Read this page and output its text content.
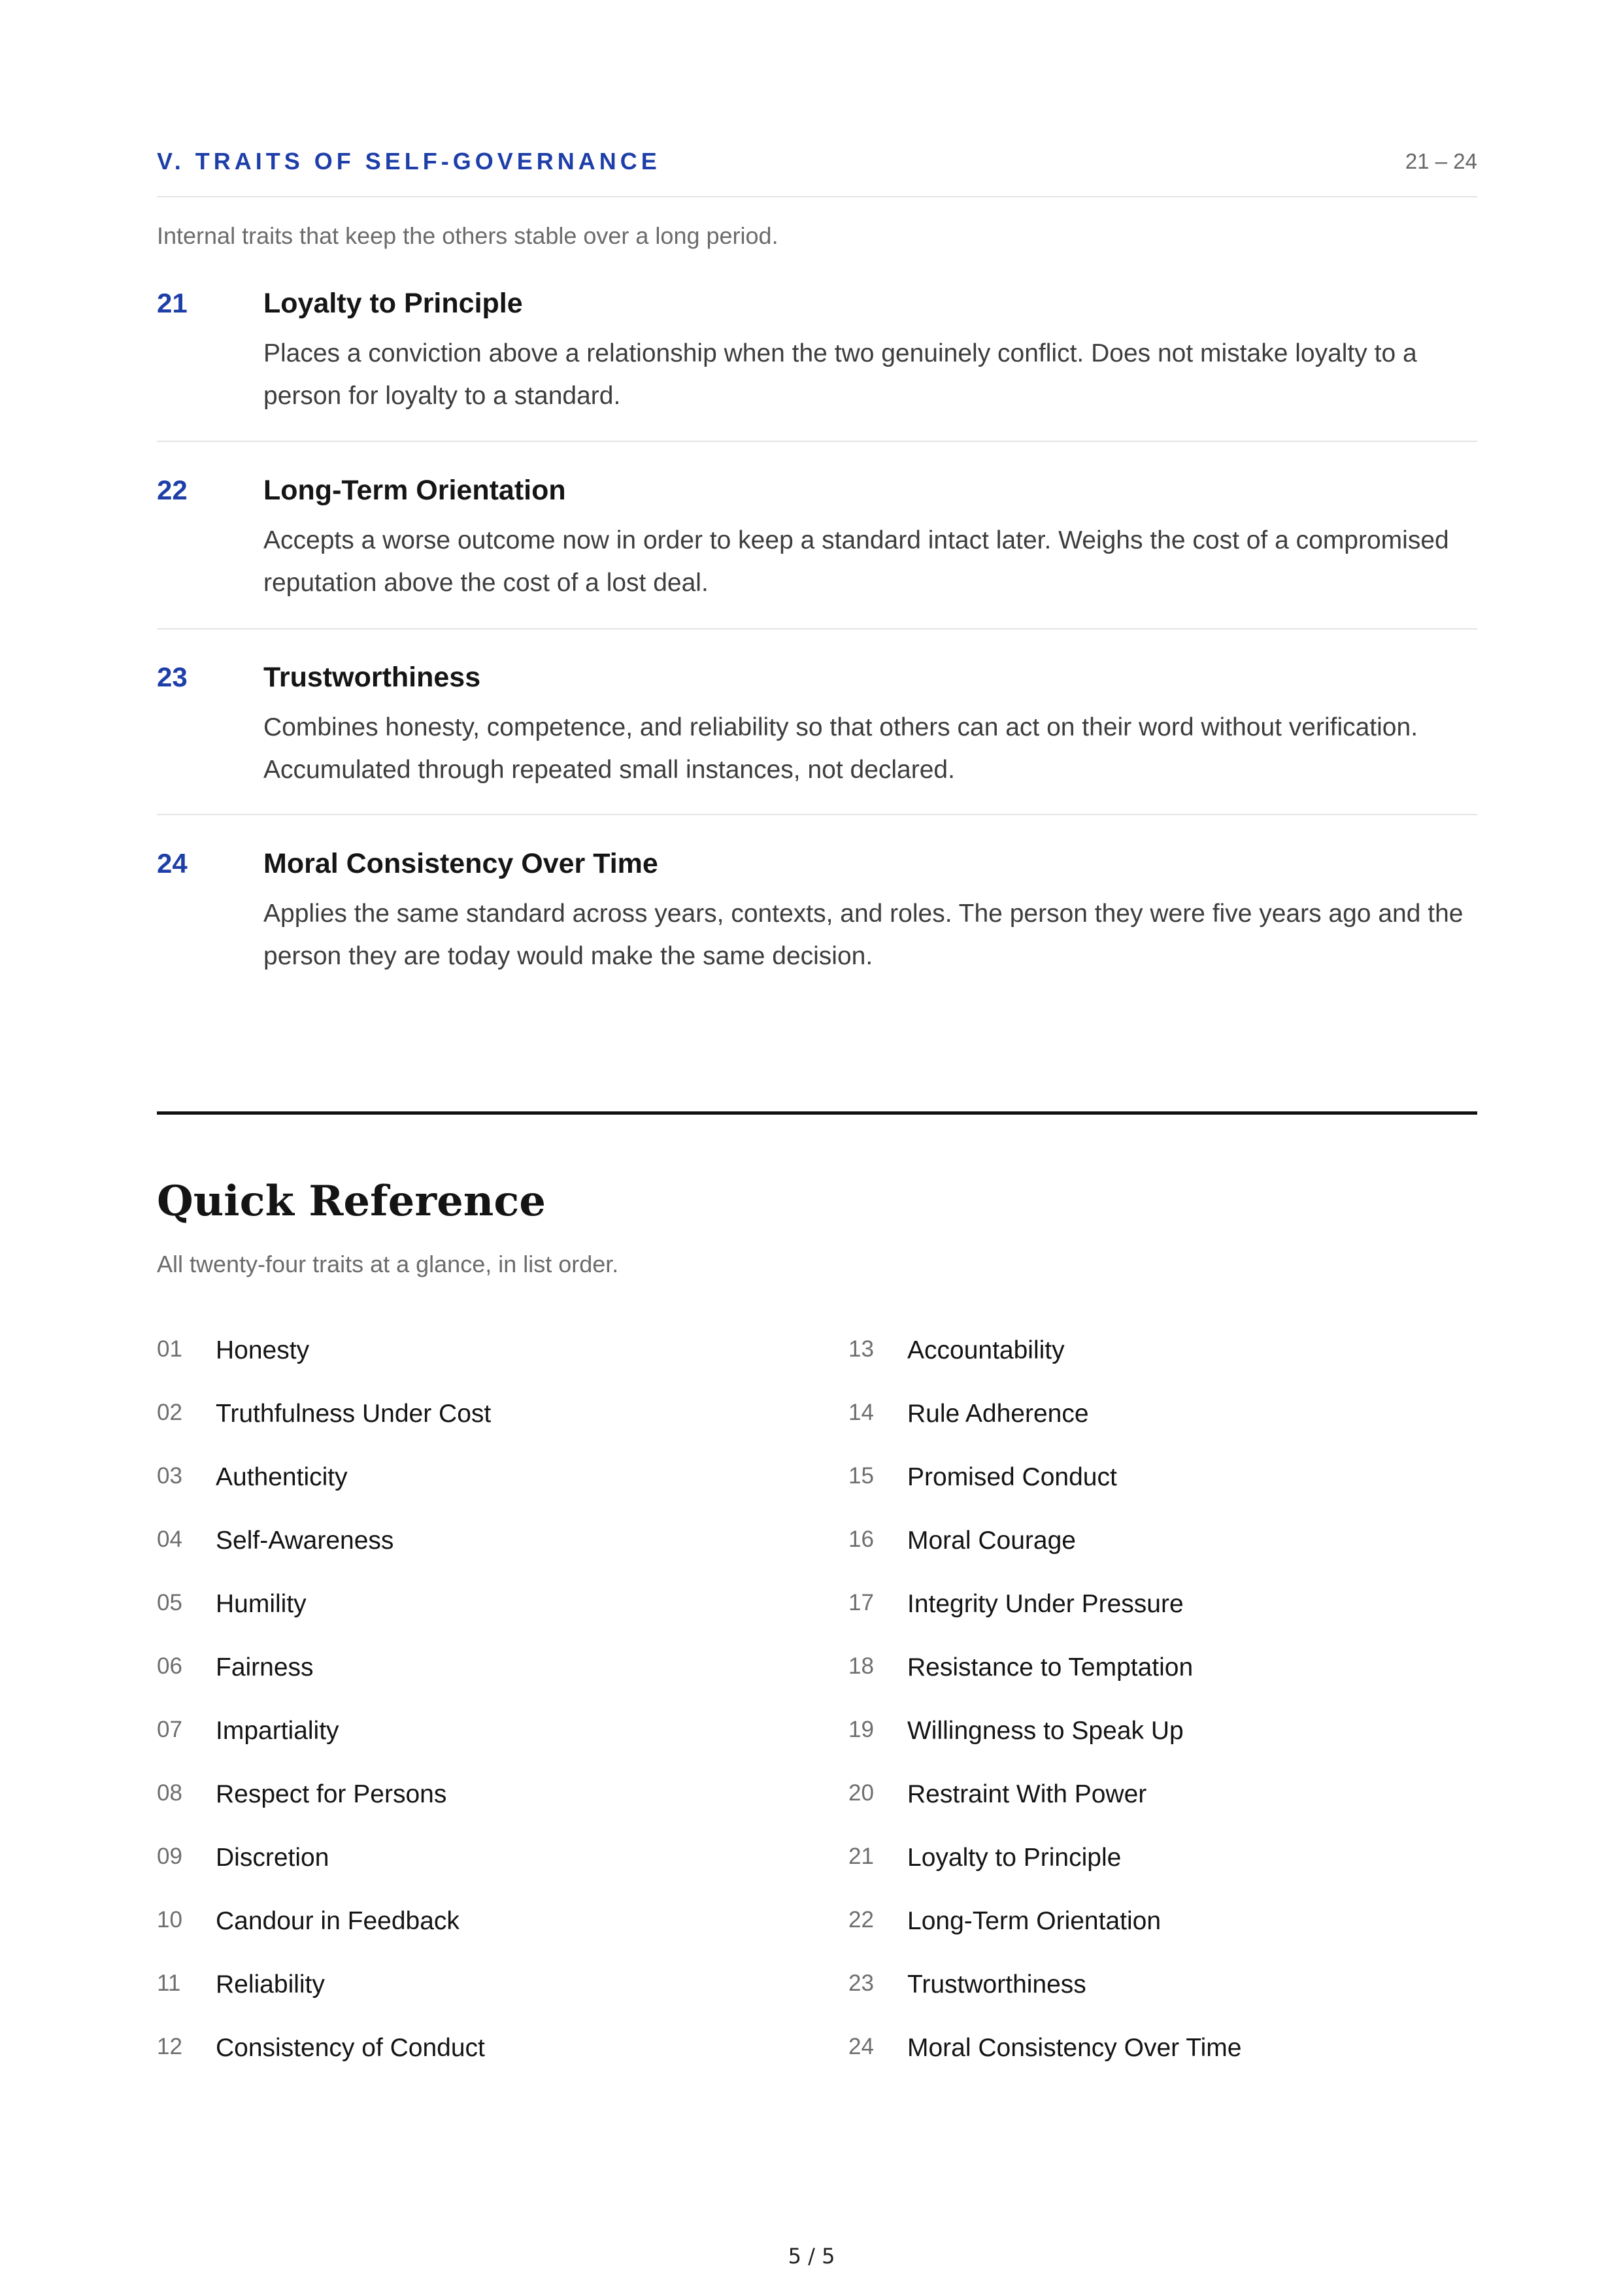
V. TRAITS OF SELF-GOVERNANCE	21 – 24
Internal traits that keep the others stable over a long period.
21	Loyalty to Principle
Places a conviction above a relationship when the two genuinely conflict. Does not mistake loyalty to a person for loyalty to a standard.
22	Long-Term Orientation
Accepts a worse outcome now in order to keep a standard intact later. Weighs the cost of a compromised reputation above the cost of a lost deal.
23	Trustworthiness
Combines honesty, competence, and reliability so that others can act on their word without verification. Accumulated through repeated small instances, not declared.
24	Moral Consistency Over Time
Applies the same standard across years, contexts, and roles. The person they were five years ago and the person they are today would make the same decision.
Quick Reference
All twenty-four traits at a glance, in list order.
01 Honesty
02 Truthfulness Under Cost
03 Authenticity
04 Self-Awareness
05 Humility
06 Fairness
07 Impartiality
08 Respect for Persons
09 Discretion
10 Candour in Feedback
11 Reliability
12 Consistency of Conduct
13 Accountability
14 Rule Adherence
15 Promised Conduct
16 Moral Courage
17 Integrity Under Pressure
18 Resistance to Temptation
19 Willingness to Speak Up
20 Restraint With Power
21 Loyalty to Principle
22 Long-Term Orientation
23 Trustworthiness
24 Moral Consistency Over Time
5 / 5
